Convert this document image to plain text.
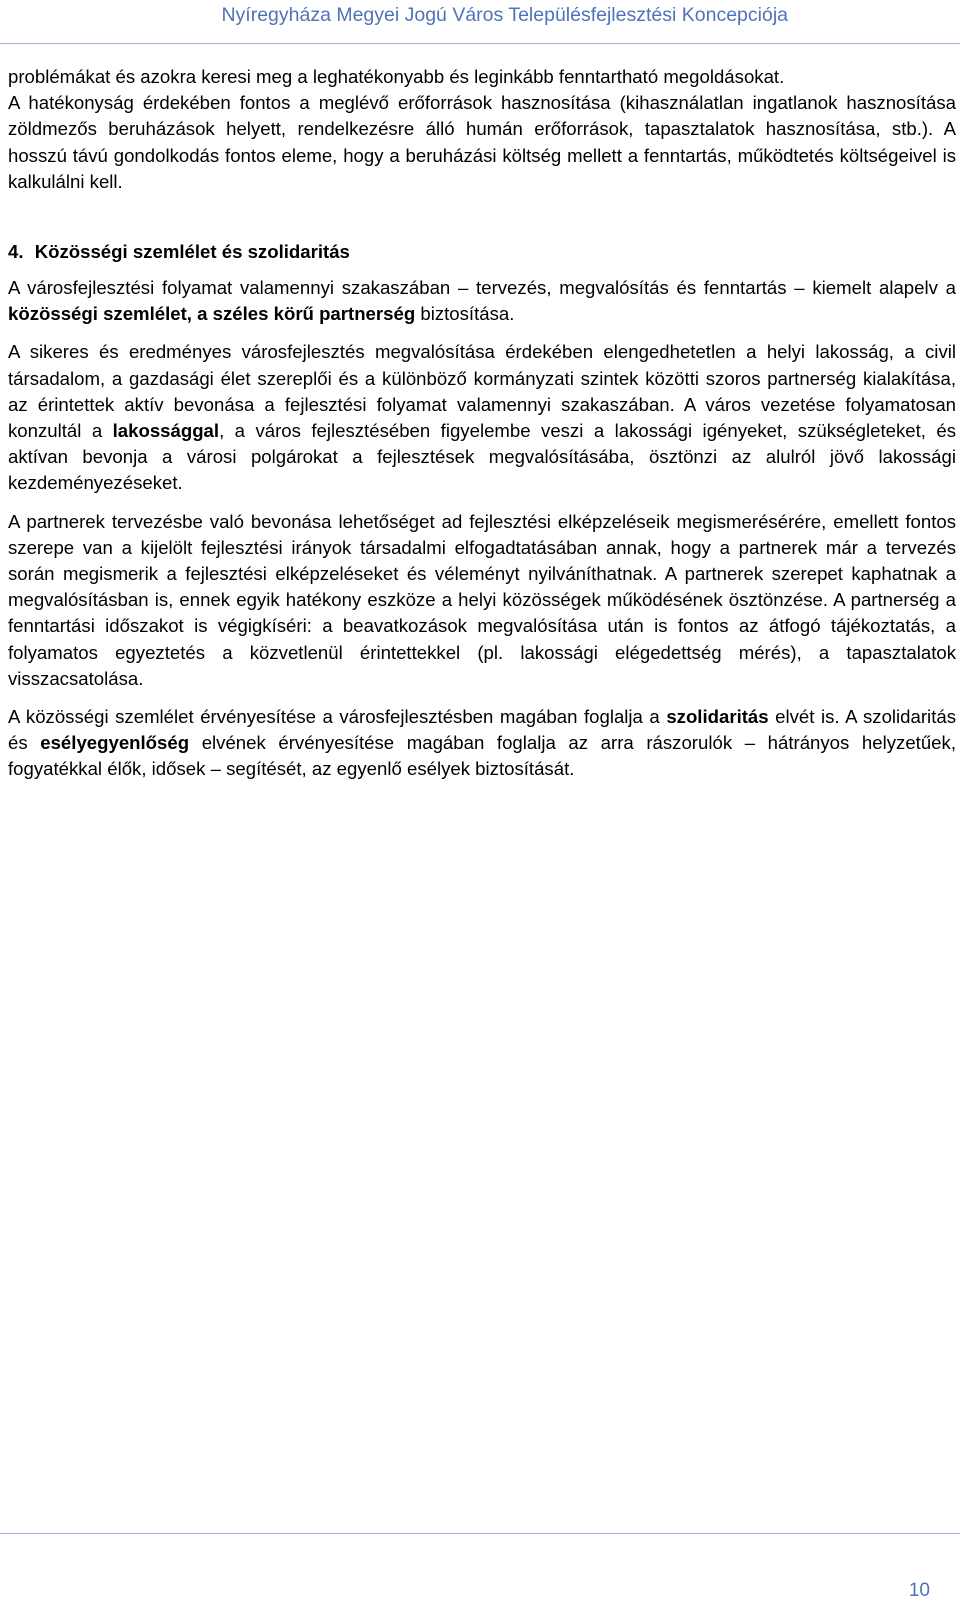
Nyíregyháza Megyei Jogú Város Településfejlesztési Koncepciója

problémákat és azokra keresi meg a leghatékonyabb és leginkább fenntartható megoldásokat.

A hatékonyság érdekében fontos a meglévő erőforrások hasznosítása (kihasználatlan ingatlanok hasznosítása zöldmezős beruházások helyett, rendelkezésre álló humán erőforrások, tapasztalatok hasznosítása, stb.). A hosszú távú gondolkodás fontos eleme, hogy a beruházási költség mellett a fenntartás, működtetés költségeivel is kalkulálni kell.

4. Közösségi szemlélet és szolidaritás

A városfejlesztési folyamat valamennyi szakaszában – tervezés, megvalósítás és fenntartás – kiemelt alapelv a közösségi szemlélet, a széles körű partnerség biztosítása.

A sikeres és eredményes városfejlesztés megvalósítása érdekében elengedhetetlen a helyi lakosság, a civil társadalom, a gazdasági élet szereplői és a különböző kormányzati szintek közötti szoros partnerség kialakítása, az érintettek aktív bevonása a fejlesztési folyamat valamennyi szakaszában. A város vezetése folyamatosan konzultál a lakossággal, a város fejlesztésében figyelembe veszi a lakossági igényeket, szükségleteket, és aktívan bevonja a városi polgárokat a fejlesztések megvalósításába, ösztönzi az alulról jövő lakossági kezdeményezéseket.

A partnerek tervezésbe való bevonása lehetőséget ad fejlesztési elképzeléseik megismerésérére, emellett fontos szerepe van a kijelölt fejlesztési irányok társadalmi elfogadtatásában annak, hogy a partnerek már a tervezés során megismerik a fejlesztési elképzeléseket és véleményt nyilváníthatnak. A partnerek szerepet kaphatnak a megvalósításban is, ennek egyik hatékony eszköze a helyi közösségek működésének ösztönzése. A partnerség a fenntartási időszakot is végigkíséri: a beavatkozások megvalósítása után is fontos az átfogó tájékoztatás, a folyamatos egyeztetés a közvetlenül érintettekkel (pl. lakossági elégedettség mérés), a tapasztalatok visszacsatolása.

A közösségi szemlélet érvényesítése a városfejlesztésben magában foglalja a szolidaritás elvét is. A szolidaritás és esélyegyenlőség elvének érvényesítése magában foglalja az arra rászorulók – hátrányos helyzetűek, fogyatékkal élők, idősek – segítését, az egyenlő esélyek biztosítását.

10
